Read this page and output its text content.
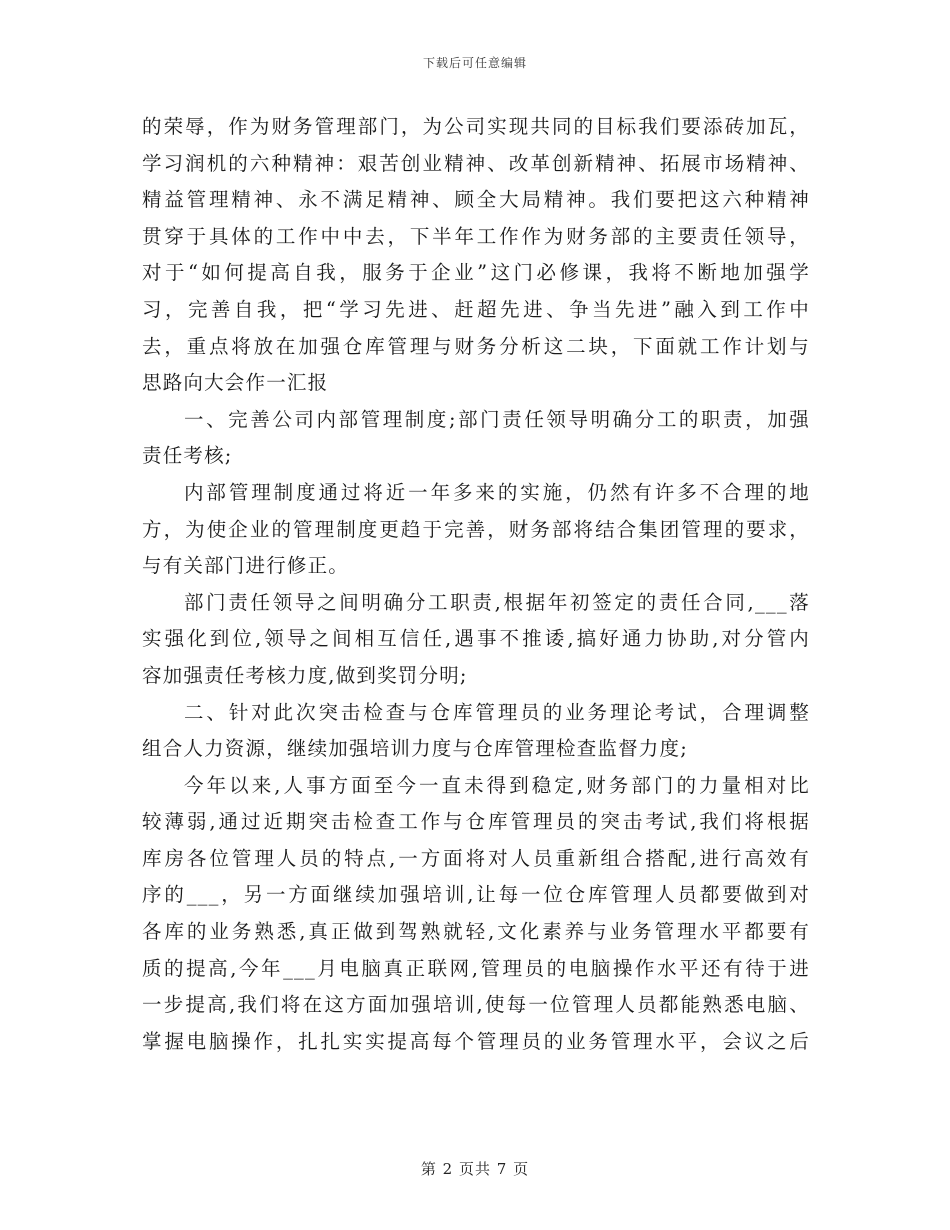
下载后可任意编辑
的荣辱，作为财务管理部门，为公司实现共同的目标我们要添砖加瓦，
学习润机的六种精神：艰苦创业精神、改革创新精神、拓展市场精神、
精益管理精神、永不满足精神、顾全大局精神。我们要把这六种精神
贯穿于具体的工作中中去，下半年工作作为财务部的主要责任领导，
对于“如何提高自我，服务于企业”这门必修课，我将不断地加强学
习，完善自我，把“学习先进、赶超先进、争当先进”融入到工作中
去，重点将放在加强仓库管理与财务分析这二块，下面就工作计划与
思路向大会作一汇报
一、完善公司内部管理制度;部门责任领导明确分工的职责，加强
责任考核;
内部管理制度通过将近一年多来的实施，仍然有许多不合理的地
方，为使企业的管理制度更趋于完善，财务部将结合集团管理的要求，
与有关部门进行修正。
部门责任领导之间明确分工职责,根据年初签定的责任合同,___落
实强化到位,领导之间相互信任,遇事不推诿,搞好通力协助,对分管内
容加强责任考核力度,做到奖罚分明;
二、针对此次突击检查与仓库管理员的业务理论考试，合理调整
组合人力资源，继续加强培训力度与仓库管理检查监督力度;
今年以来,人事方面至今一直未得到稳定,财务部门的力量相对比
较薄弱,通过近期突击检查工作与仓库管理员的突击考试,我们将根据
库房各位管理人员的特点,一方面将对人员重新组合搭配,进行高效有
序的___，另一方面继续加强培训,让每一位仓库管理人员都要做到对
各库的业务熟悉,真正做到驾熟就轻,文化素养与业务管理水平都要有
质的提高,今年___月电脑真正联网,管理员的电脑操作水平还有待于进
一步提高,我们将在这方面加强培训,使每一位管理人员都能熟悉电脑、
掌握电脑操作，扎扎实实提高每个管理员的业务管理水平，会议之后
第 2 页共 7 页
